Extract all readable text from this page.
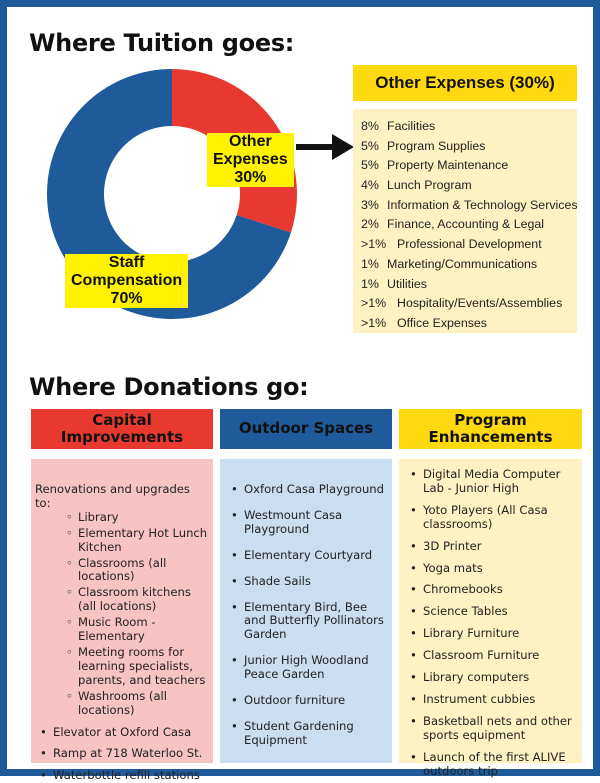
Where Tuition goes:
Other
Expenses
30%
Staff
Compensation
70%
Other Expenses (30%)
8% Facilities
5% Program Supplies
5% Property Maintenance
4% Lunch Program
3% Information & Technology Services
2% Finance, Accounting & Legal
>1% Professional Development
1% Marketing/Communications
1% Utilities
>1% Hospitality/Events/Assemblies
>1% Office Expenses
Where Donations go:
Capital Improvements	Outdoor Spaces	Program Enhancements
Renovations and upgrades to:
◦ Library
◦ Elementary Hot Lunch Kitchen
◦ Classrooms (all locations)
◦ Classroom kitchens (all locations)
◦ Music Room - Elementary
◦ Meeting rooms for learning specialists, parents, and teachers
◦ Washrooms (all locations)
• Elevator at Oxford Casa
• Ramp at 718 Waterloo St.
• Waterbottle refill stations
• Oxford Casa Playground
• Westmount Casa Playground
• Elementary Courtyard
• Shade Sails
• Elementary Bird, Bee and Butterfly Pollinators Garden
• Junior High Woodland Peace Garden
• Outdoor furniture
• Student Gardening Equipment
• Digital Media Computer Lab - Junior High
• Yoto Players (All Casa classrooms)
• 3D Printer
• Yoga mats
• Chromebooks
• Science Tables
• Library Furniture
• Classroom Furniture
• Library computers
• Instrument cubbies
• Basketball nets and other sports equipment
• Launch of the first ALIVE outdoors trip
